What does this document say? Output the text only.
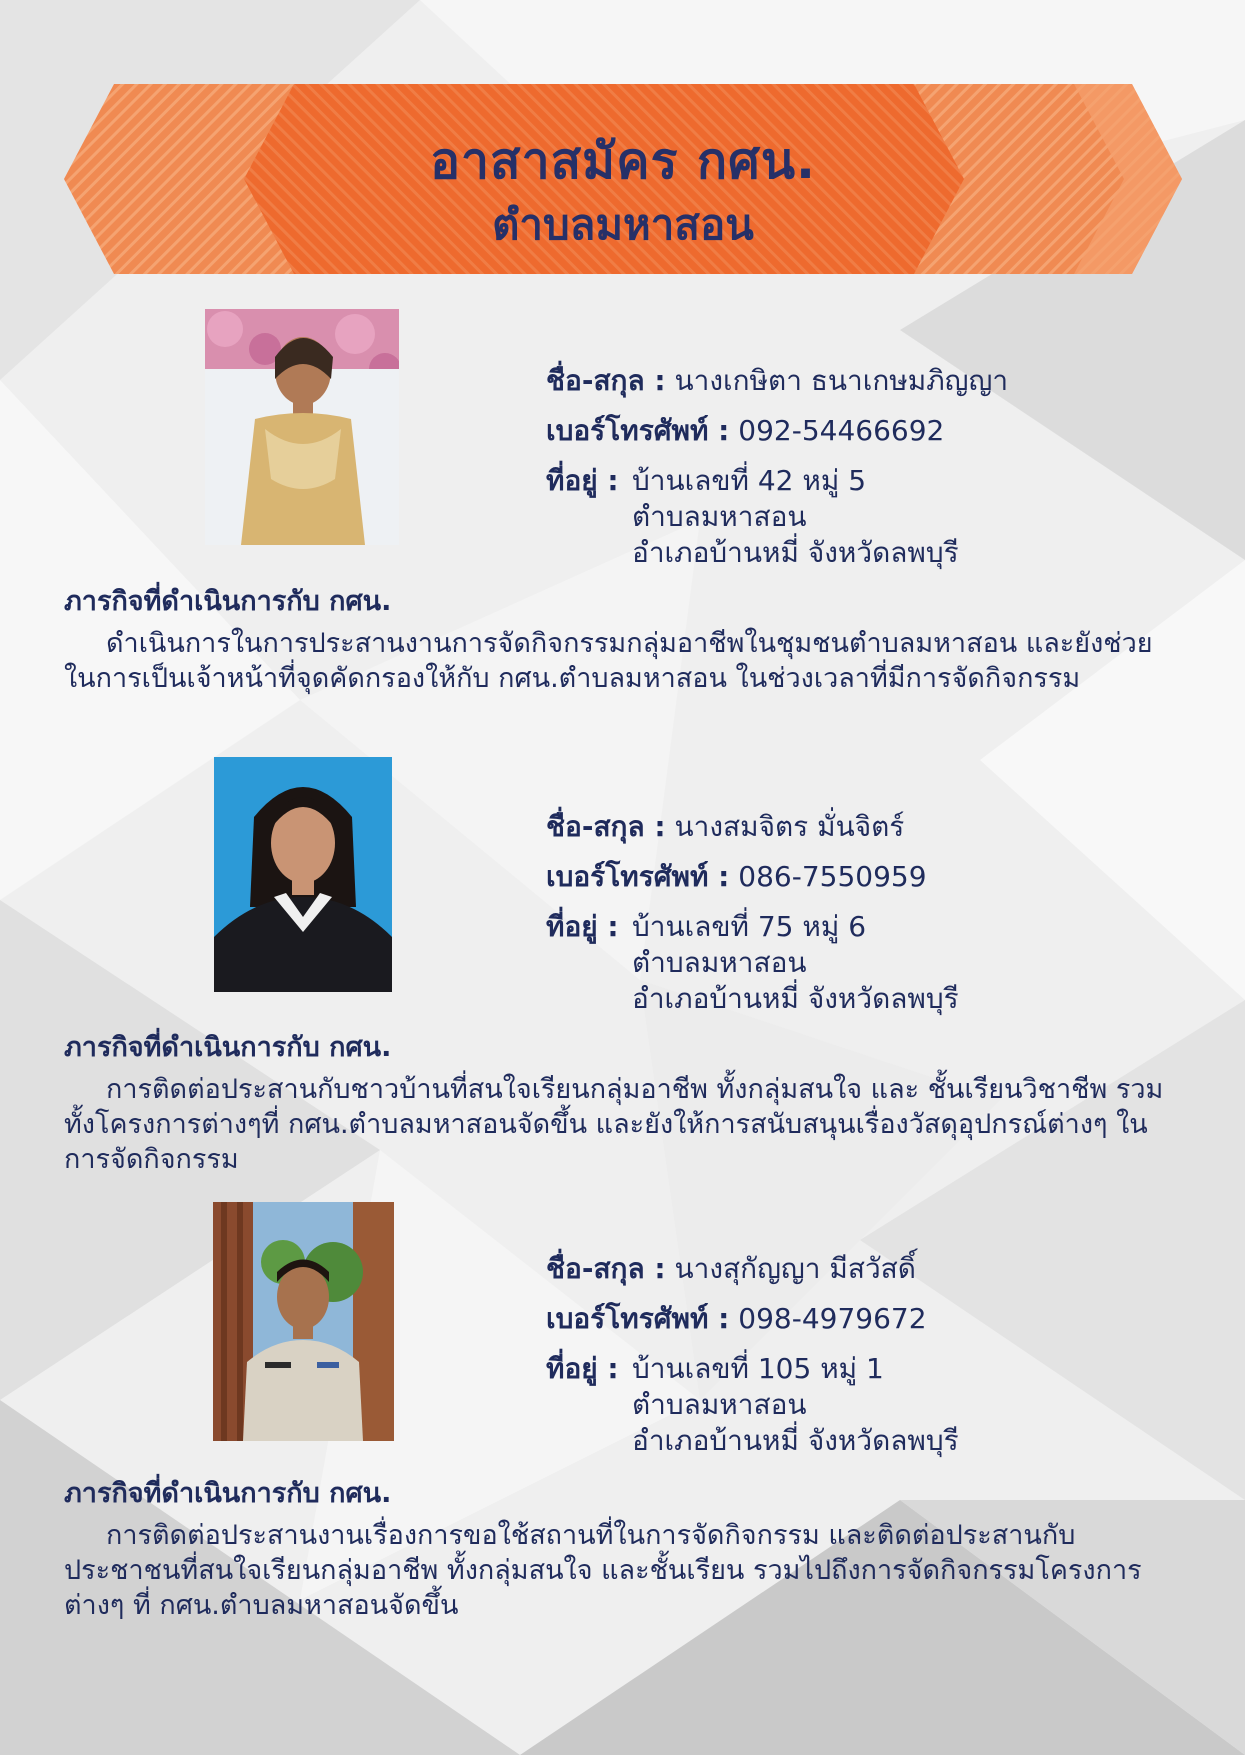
อาสาสมัคร กศน.
ตำบลมหาสอน
ชื่อ-สกุล : นางเกษิตา ธนาเกษมภิญญา
เบอร์โทรศัพท์ : 092-54466692
ที่อยู่ : บ้านเลขที่ 42 หมู่ 5
ตำบลมหาสอน
อำเภอบ้านหมี่ จังหวัดลพบุรี
ภารกิจที่ดำเนินการกับ กศน.

ดำเนินการในการประสานงานการจัดกิจกรรมกลุ่มอาชีพในชุมชนตำบลมหาสอน และยังช่วยในการเป็นเจ้าหน้าที่จุดคัดกรองให้กับ กศน.ตำบลมหาสอน ในช่วงเวลาที่มีการจัดกิจกรรม

ชื่อ-สกุล : นางสมจิตร มั่นจิตร์
เบอร์โทรศัพท์ : 086-7550959
ที่อยู่ : บ้านเลขที่ 75 หมู่ 6
ตำบลมหาสอน
อำเภอบ้านหมี่ จังหวัดลพบุรี
ภารกิจที่ดำเนินการกับ กศน.

การติดต่อประสานกับชาวบ้านที่สนใจเรียนกลุ่มอาชีพ ทั้งกลุ่มสนใจ และ ชั้นเรียนวิชาชีพ รวมทั้งโครงการต่างๆที่ กศน.ตำบลมหาสอนจัดขึ้น และยังให้การสนับสนุนเรื่องวัสดุอุปกรณ์ต่างๆ ในการจัดกิจกรรม

ชื่อ-สกุล : นางสุกัญญา มีสวัสดิ์
เบอร์โทรศัพท์ : 098-4979672
ที่อยู่ : บ้านเลขที่ 105 หมู่ 1
ตำบลมหาสอน
อำเภอบ้านหมี่ จังหวัดลพบุรี
ภารกิจที่ดำเนินการกับ กศน.

การติดต่อประสานงานเรื่องการขอใช้สถานที่ในการจัดกิจกรรม และติดต่อประสานกับประชาชนที่สนใจเรียนกลุ่มอาชีพ ทั้งกลุ่มสนใจ และชั้นเรียน รวมไปถึงการจัดกิจกรรมโครงการต่างๆ ที่ กศน.ตำบลมหาสอนจัดขึ้น
